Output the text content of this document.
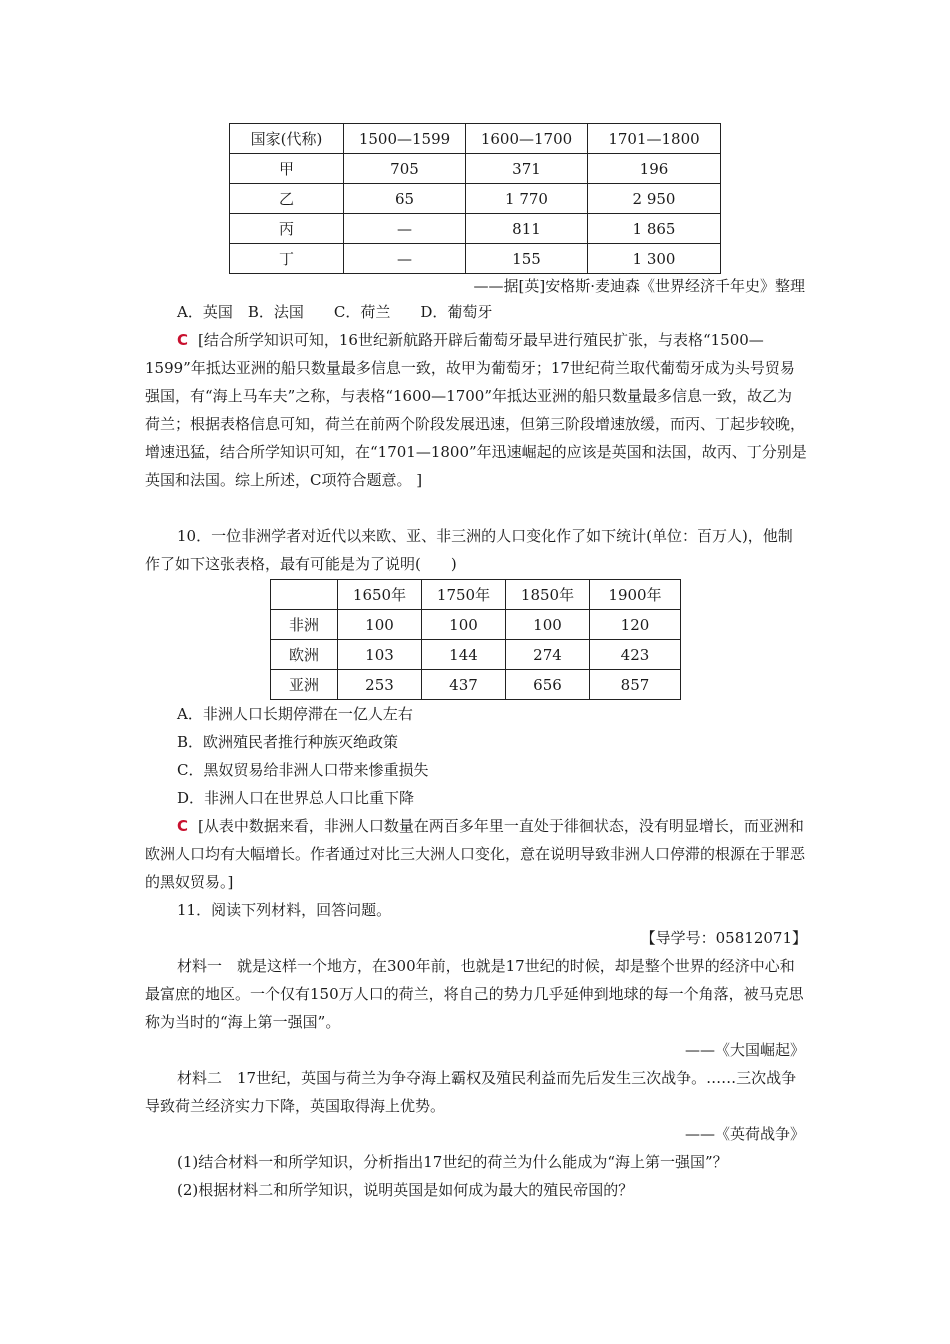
国家(代称)	1500—1599	1600—1700	1701—1800
甲	705	371	196
乙	65	1 770	2 950
丙	—	811	1 865
丁	—	155	1 300

——据[英]安格斯·麦迪森《世界经济千年史》整理

A．英国　B．法国　　C．荷兰　　D．葡萄牙

C [结合所学知识可知，16世纪新航路开辟后葡萄牙最早进行殖民扩张，与表格“1500—1599”年抵达亚洲的船只数量最多信息一致，故甲为葡萄牙；17世纪荷兰取代葡萄牙成为头号贸易强国，有“海上马车夫”之称，与表格“1600—1700”年抵达亚洲的船只数量最多信息一致，故乙为荷兰；根据表格信息可知，荷兰在前两个阶段发展迅速，但第三阶段增速放缓，而丙、丁起步较晚，增速迅猛，结合所学知识可知，在“1701—1800”年迅速崛起的应该是英国和法国，故丙、丁分别是英国和法国。综上所述，C项符合题意。 ]

10．一位非洲学者对近代以来欧、亚、非三洲的人口变化作了如下统计(单位：百万人)，他制作了如下这张表格，最有可能是为了说明(　　)

	1650年	1750年	1850年	1900年
非洲	100	100	100	120
欧洲	103	144	274	423
亚洲	253	437	656	857

A．非洲人口长期停滞在一亿人左右

B．欧洲殖民者推行种族灭绝政策

C．黑奴贸易给非洲人口带来惨重损失

D．非洲人口在世界总人口比重下降

C [从表中数据来看，非洲人口数量在两百多年里一直处于徘徊状态，没有明显增长，而亚洲和欧洲人口均有大幅增长。作者通过对比三大洲人口变化，意在说明导致非洲人口停滞的根源在于罪恶的黑奴贸易。]

11．阅读下列材料，回答问题。

【导学号：05812071】

材料一　就是这样一个地方，在300年前，也就是17世纪的时候，却是整个世界的经济中心和最富庶的地区。一个仅有150万人口的荷兰，将自己的势力几乎延伸到地球的每一个角落，被马克思称为当时的“海上第一强国”。

——《大国崛起》

材料二　17世纪，英国与荷兰为争夺海上霸权及殖民利益而先后发生三次战争。……三次战争导致荷兰经济实力下降，英国取得海上优势。

——《英荷战争》

(1)结合材料一和所学知识，分析指出17世纪的荷兰为什么能成为“海上第一强国”？

(2)根据材料二和所学知识，说明英国是如何成为最大的殖民帝国的？
